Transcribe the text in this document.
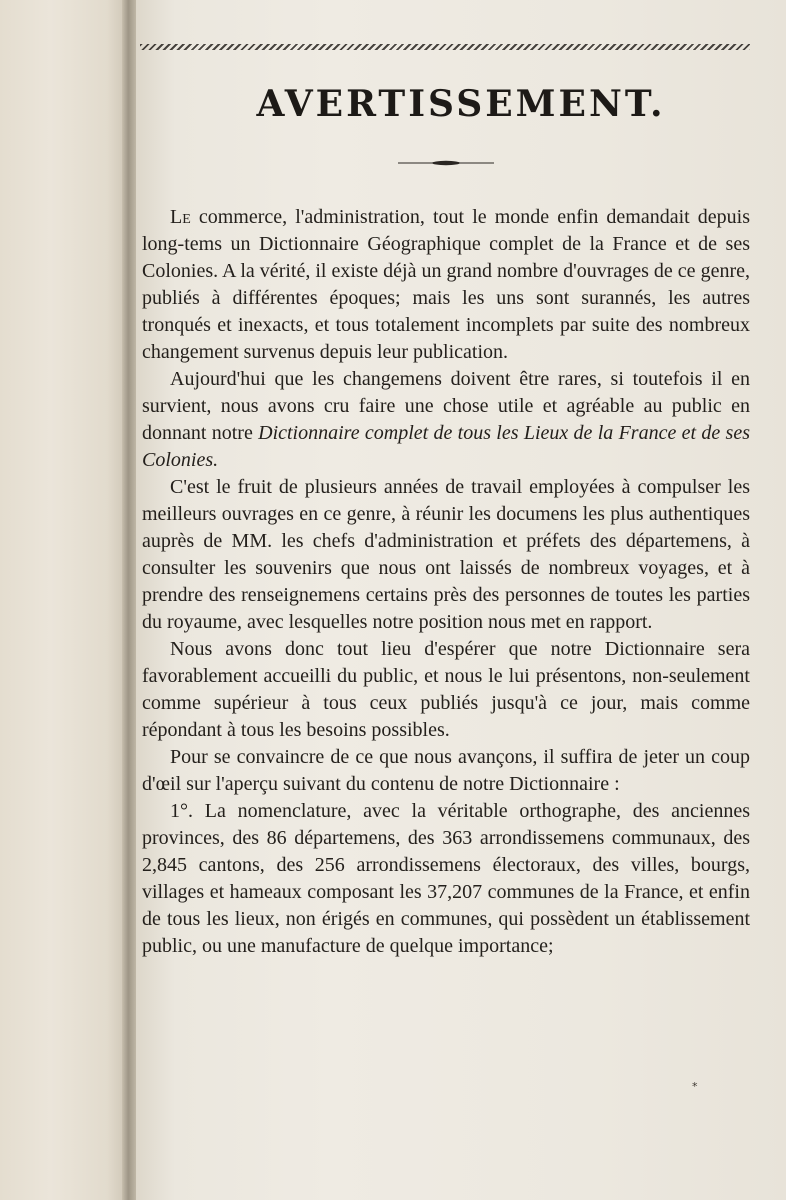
AVERTISSEMENT.

Le commerce, l'administration, tout le monde enfin demandait depuis long-tems un Dictionnaire Géographique complet de la France et de ses Colonies. A la vérité, il existe déjà un grand nombre d'ouvrages de ce genre, publiés à différentes époques; mais les uns sont surannés, les autres tronqués et inexacts, et tous totalement incomplets par suite des nombreux changement survenus depuis leur publication.

Aujourd'hui que les changemens doivent être rares, si toutefois il en survient, nous avons cru faire une chose utile et agréable au public en donnant notre Dictionnaire complet de tous les Lieux de la France et de ses Colonies.

C'est le fruit de plusieurs années de travail employées à compulser les meilleurs ouvrages en ce genre, à réunir les documens les plus authentiques auprès de MM. les chefs d'administration et préfets des départemens, à consulter les souvenirs que nous ont laissés de nombreux voyages, et à prendre des renseignemens certains près des personnes de toutes les parties du royaume, avec lesquelles notre position nous met en rapport.

Nous avons donc tout lieu d'espérer que notre Dictionnaire sera favorablement accueilli du public, et nous le lui présentons, non-seulement comme supérieur à tous ceux publiés jusqu'à ce jour, mais comme répondant à tous les besoins possibles.

Pour se convaincre de ce que nous avançons, il suffira de jeter un coup d'œil sur l'aperçu suivant du contenu de notre Dictionnaire :

1°. La nomenclature, avec la véritable orthographe, des anciennes provinces, des 86 départemens, des 363 arrondissemens communaux, des 2,845 cantons, des 256 arrondissemens électoraux, des villes, bourgs, villages et hameaux composant les 37,207 communes de la France, et enfin de tous les lieux, non érigés en communes, qui possèdent un établissement public, ou une manufacture de quelque importance;

*
